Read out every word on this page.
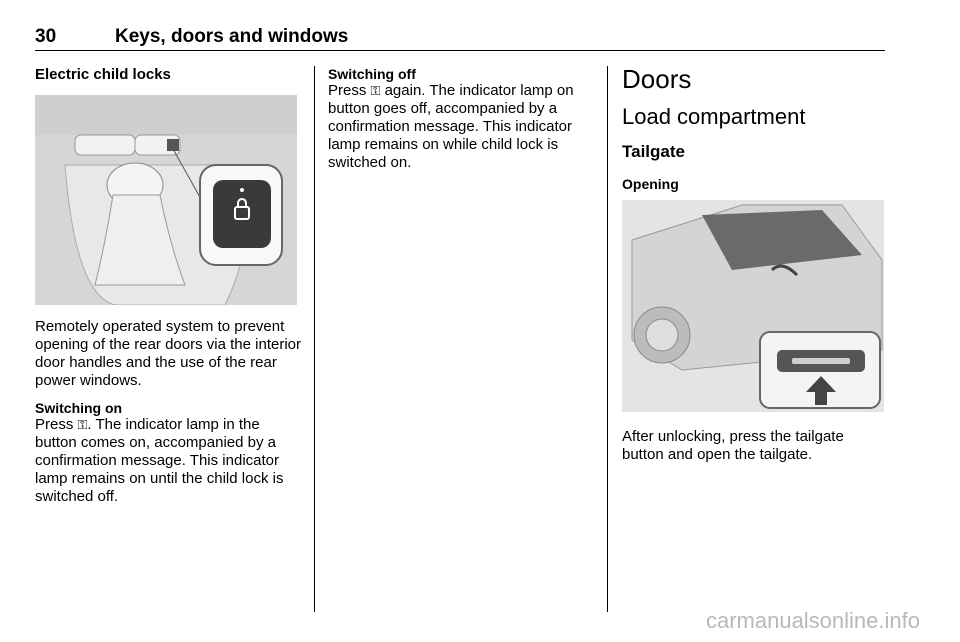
30	Keys, doors and windows
Electric child locks

Remotely operated system to prevent opening of the rear doors via the interior door handles and the use of the rear power windows.

Switching on

Press ⚿. The indicator lamp in the button comes on, accompanied by a confirmation message. This indicator lamp remains on until the child lock is switched off.

Switching off

Press ⚿ again. The indicator lamp on button goes off, accompanied by a confirmation message. This indicator lamp remains on while child lock is switched on.

Doors
Load compartment
Tailgate
Opening

After unlocking, press the tailgate button and open the tailgate.

carmanualsonline.info
